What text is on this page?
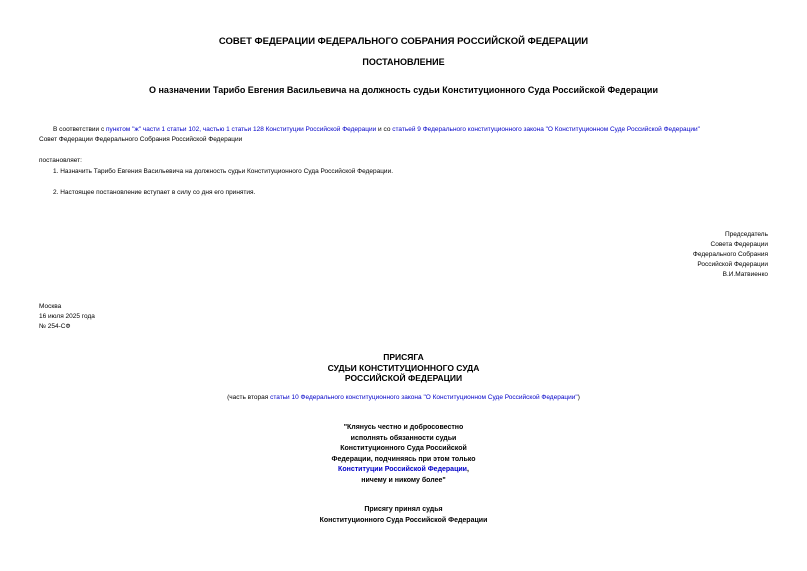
СОВЕТ ФЕДЕРАЦИИ ФЕДЕРАЛЬНОГО СОБРАНИЯ РОССИЙСКОЙ ФЕДЕРАЦИИ
ПОСТАНОВЛЕНИЕ
О назначении Тарибо Евгения Васильевича на должность судьи Конституционного Суда Российской Федерации
В соответствии с пунктом "ж" части 1 статьи 102, частью 1 статьи 128 Конституции Российской Федерации и со статьей 9 Федерального конституционного закона "О Конституционном Суде Российской Федерации"
Совет Федерации Федерального Собрания Российской Федерации
постановляет:
1. Назначить Тарибо Евгения Васильевича на должность судьи Конституционного Суда Российской Федерации.
2. Настоящее постановление вступает в силу со дня его принятия.
Председатель
Совета Федерации
Федерального Собрания
Российской Федерации
В.И.Матвиенко
Москва
16 июля 2025 года
№ 254-СФ
ПРИСЯГА
СУДЬИ КОНСТИТУЦИОННОГО СУДА
РОССИЙСКОЙ ФЕДЕРАЦИИ
(часть вторая статьи 10 Федерального конституционного закона "О Конституционном Суде Российской Федерации")
"Клянусь честно и добросовестно
исполнять обязанности судьи
Конституционного Суда Российской
Федерации, подчиняясь при этом только
Конституции Российской Федерации,
ничему и никому более"
Присягу принял судья
Конституционного Суда Российской Федерации
